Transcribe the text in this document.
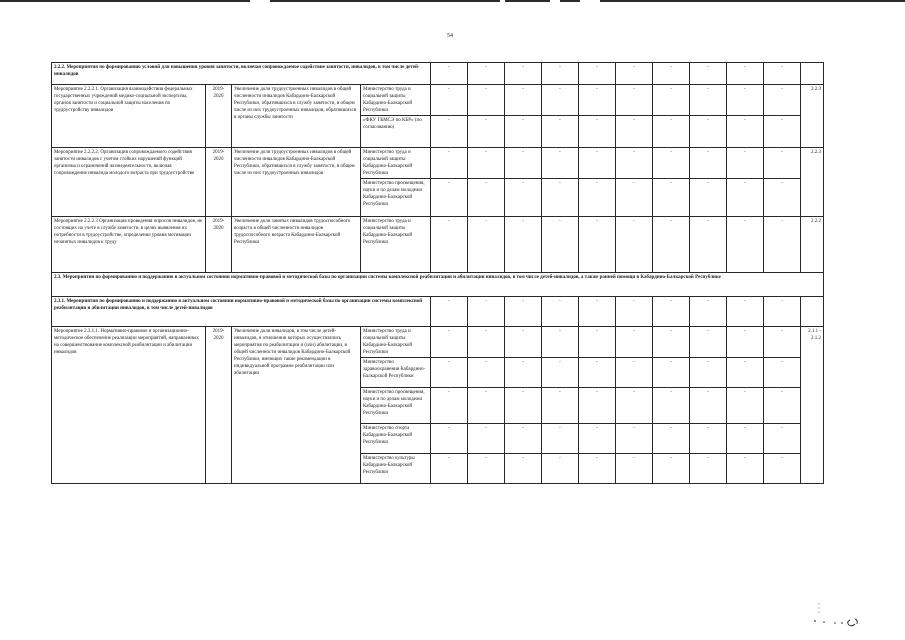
54
2.2.2. Мероприятия по формированию условий для повышения уровня занятости, включая сопровождаемое содействие занятости, инвалидов, в том числе детей-инвалидов				-	-	-	-	-	-	-	-	-	-	
Мероприятие 2.2.2.1. Организация взаимодействия федеральных государственных учреждений медико-социальной экспертизы, органов занятости и социальной защиты населения по трудоустройству инвалидов	2019-2020	Увеличение доли трудоустроенных инвалидов в общей численности инвалидов Кабардино-Балкарской Республики, обратившихся в службу занятости, в общем числе из них трудоустроенных инвалидов, обратившихся в органы службы занятости	Министерство труда и социальной защиты Кабардино-Балкарской Республики	-	-	-	-	-	-	-	-	-	-	2.2.3
			«ФКУ ГБМСЭ по КБР» (по согласованию)	-	-	-	-	-	-	-	-	-	-	
Мероприятие 2.2.2.2. Организация сопровождаемого содействия занятости инвалидов с учетом стойких нарушений функций организма и ограничений жизнедеятельности, включая сопровождение инвалида молодого возраста при трудоустройстве	2019-2020	Увеличение доли трудоустроенных инвалидов в общей численности инвалидов Кабардино-Балкарской Республики, обратившихся в службу занятости, в общем числе из них трудоустроенных инвалидов	Министерство труда и социальной защиты Кабардино-Балкарской Республики	-	-	-	-	-	-	-	-	-	-	2.2.3
			Министерство просвещения, науки и по делам молодежи Кабардино-Балкарской Республики	-	-	-	-	-	-	-	-	-	-	
Мероприятие 2.2.2.3 Организация проведения опросов инвалидов, не состоящих на учете в службе занятости, в целях выявления их потребности в трудоустройстве, определение уровня мотивации незанятых инвалидов к труду	2019-2020	Увеличение доли занятых инвалидов трудоспособного возраста в общей численности инвалидов трудоспособного возраста Кабардино-Балкарской Республики	Министерство труда и социальной защиты Кабардино-Балкарской Республики	-	-	-	-	-	-	-	-	-	-	2.2.2
2.3. Мероприятия по формированию и поддержанию в актуальном состоянии нормативно-правовой и методической базы по организации системы комплексной реабилитации и абилитации инвалидов, в том числе детей-инвалидов, а также ранней помощи в Кабардино-Балкарской Республике														
2.3.1. Мероприятия по формированию и поддержанию в актуальном состоянии нормативно-правовой и методической базы по организации системы комплексной реабилитации и абилитации инвалидов, в том числе детей-инвалидов				-	-	-	-	-	-	-	-	-	-	
Мероприятие 2.3.1.1. Нормативно-правовое и организационно-методическое обеспечение реализации мероприятий, направленных на совершенствование комплексной реабилитации и абилитации инвалидов	2019-2020	Увеличение доли инвалидов, в том числе детей-инвалидов, в отношении которых осуществлялись мероприятия по реабилитации и (или) абилитации, в общей численности инвалидов Кабардино-Балкарской Республики, имеющих такие рекомендации в индивидуальной программе реабилитации или абилитации	Министерство труда и социальной защиты Кабардино-Балкарской Республики	-	-	-	-	-	-	-	-	-	-	2.1.1 - 2.1.2
			Министерство здравоохранения Кабардино-Балкарской Республики	-	-	-	-	-	-	-	-	-	-	
			Министерство просвещения, науки и по делам молодежи Кабардино-Балкарской Республики	-	-	-	-	-	-	-	-	-	-	
			Министерство спорта Кабардино-Балкарской Республики	-	-	-	-	-	-	-	-	-	-	
			Министерство культуры Кабардино-Балкарской Республики	-	-	-	-	-	-	-	-	-	-	
